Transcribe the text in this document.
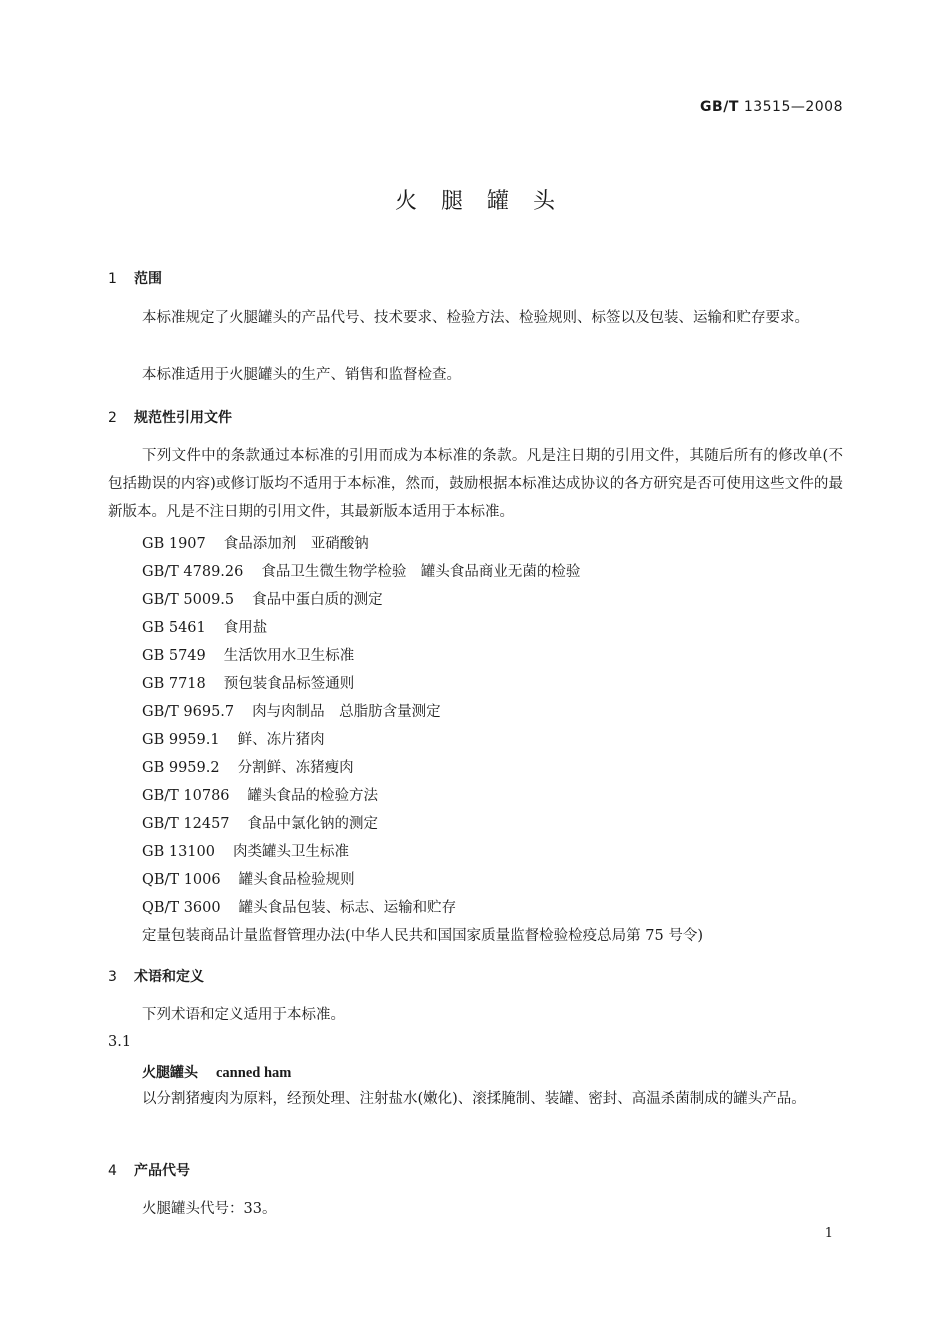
GB/T 13515—2008
火腿罐头
1 范围

本标准规定了火腿罐头的产品代号、技术要求、检验方法、检验规则、标签以及包装、运输和贮存要求。

本标准适用于火腿罐头的生产、销售和监督检查。

2 规范性引用文件

下列文件中的条款通过本标准的引用而成为本标准的条款。凡是注日期的引用文件，其随后所有的修改单(不包括勘误的内容)或修订版均不适用于本标准，然而，鼓励根据本标准达成协议的各方研究是否可使用这些文件的最新版本。凡是不注日期的引用文件，其最新版本适用于本标准。

GB 1907 食品添加剂　亚硝酸钠
GB/T 4789.26 食品卫生微生物学检验　罐头食品商业无菌的检验
GB/T 5009.5 食品中蛋白质的测定
GB 5461 食用盐
GB 5749 生活饮用水卫生标准
GB 7718 预包装食品标签通则
GB/T 9695.7 肉与肉制品　总脂肪含量测定
GB 9959.1 鲜、冻片猪肉
GB 9959.2 分割鲜、冻猪瘦肉
GB/T 10786 罐头食品的检验方法
GB/T 12457 食品中氯化钠的测定
GB 13100 肉类罐头卫生标准
QB/T 1006 罐头食品检验规则
QB/T 3600 罐头食品包装、标志、运输和贮存
定量包装商品计量监督管理办法(中华人民共和国国家质量监督检验检疫总局第 75 号令)
3 术语和定义

下列术语和定义适用于本标准。

3.1
火腿罐头 canned ham

以分割猪瘦肉为原料，经预处理、注射盐水(嫩化)、滚揉腌制、装罐、密封、高温杀菌制成的罐头产品。

4 产品代号

火腿罐头代号：33。

1
